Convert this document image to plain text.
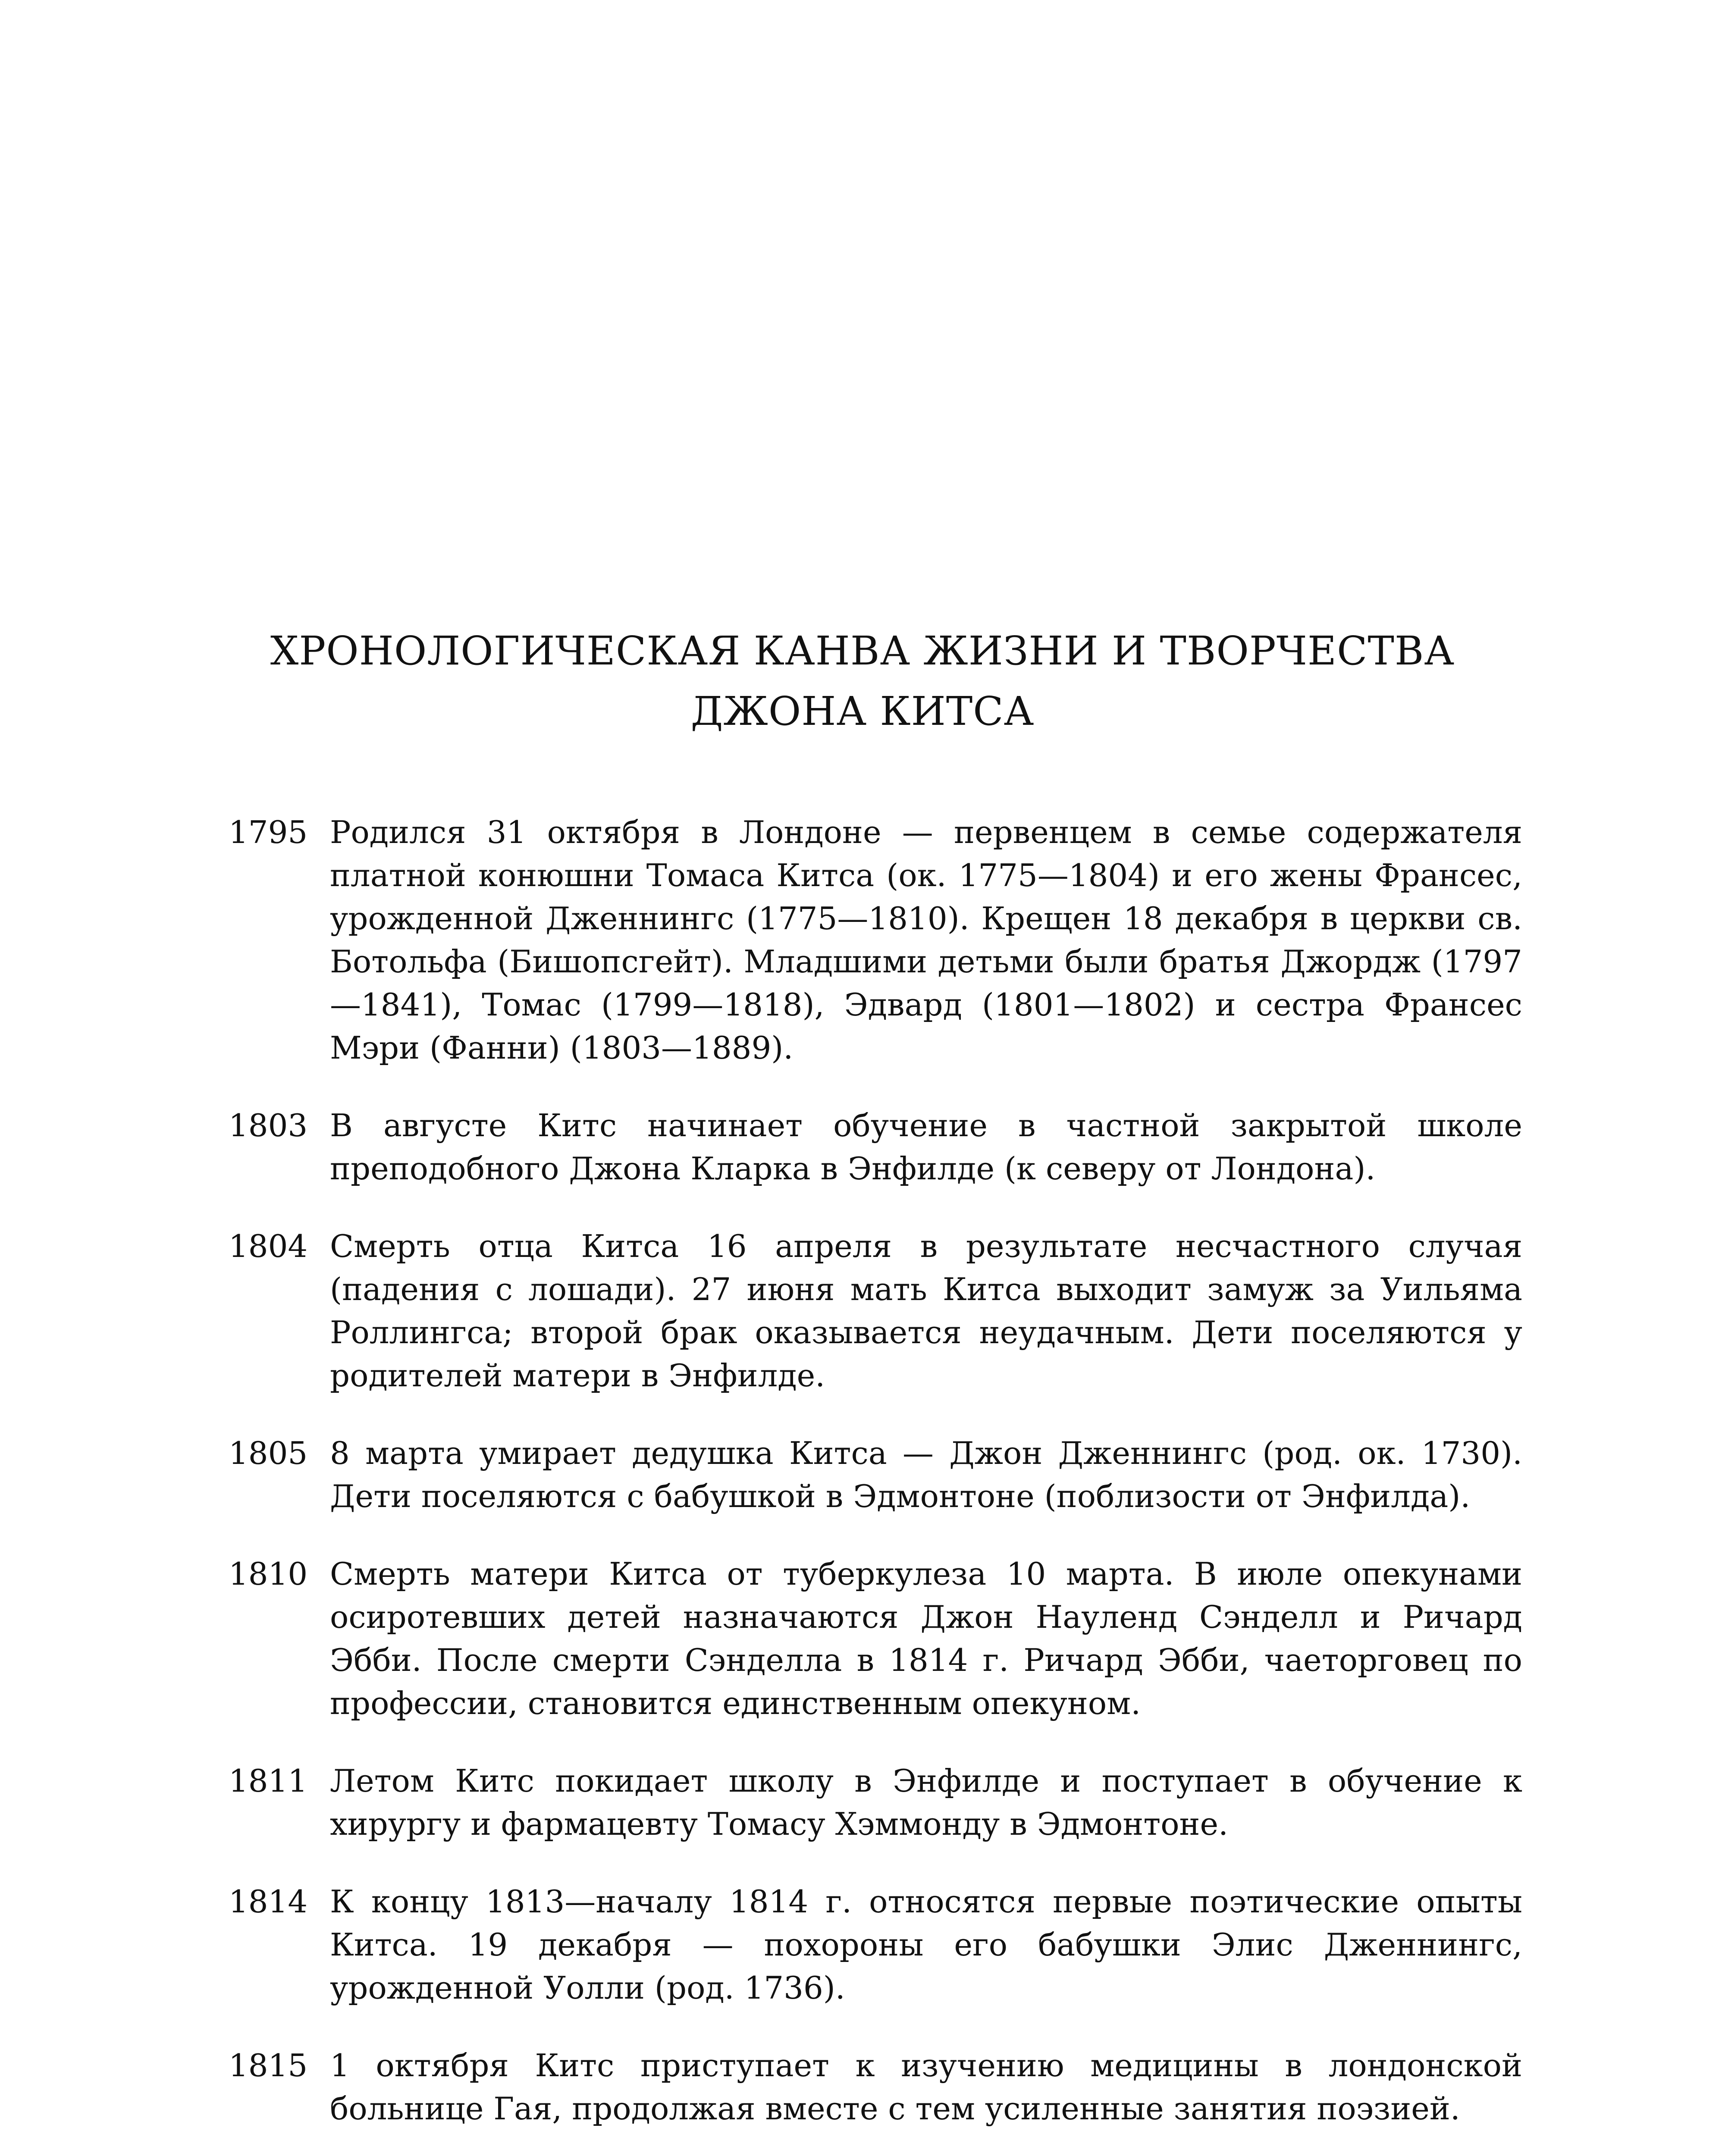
ХРОНОЛОГИЧЕСКАЯ КАНВА ЖИЗНИ И ТВОРЧЕСТВА
ДЖОНА КИТСА
1795 Родился 31 октября в Лондоне — первенцем в семье содержателя платной конюшни Томаса Китса (ок. 1775—1804) и его жены Франсес, урожденной Дженнингс (1775—1810). Крещен 18 декабря в церкви св. Ботольфа (Бишопсгейт). Младшими детьми были братья Джордж (1797—1841), Томас (1799—1818), Эдвард (1801—1802) и сестра Франсес Мэри (Фанни) (1803—1889).
1803 В августе Китс начинает обучение в частной закрытой школе преподобного Джона Кларка в Энфилде (к северу от Лондона).
1804 Смерть отца Китса 16 апреля в результате несчастного случая (падения с лошади). 27 июня мать Китса выходит замуж за Уильяма Роллингса; второй брак оказывается неудачным. Дети поселяются у родителей матери в Энфилде.
1805 8 марта умирает дедушка Китса — Джон Дженнингс (род. ок. 1730). Дети поселяются с бабушкой в Эдмонтоне (поблизости от Энфилда).
1810 Смерть матери Китса от туберкулеза 10 марта. В июле опекунами осиротевших детей назначаются Джон Науленд Сэнделл и Ричард Эбби. После смерти Сэнделла в 1814 г. Ричард Эбби, чаеторговец по профессии, становится единственным опекуном.
1811 Летом Китс покидает школу в Энфилде и поступает в обучение к хирургу и фармацевту Томасу Хэммонду в Эдмонтоне.
1814 К концу 1813—началу 1814 г. относятся первые поэтические опыты Китса. 19 декабря — похороны его бабушки Элис Дженнингс, урожденной Уолли (род. 1736).
1815 1 октября Китс приступает к изучению медицины в лондонской больнице Гая, продолжая вместе с тем усиленные занятия поэзией.
